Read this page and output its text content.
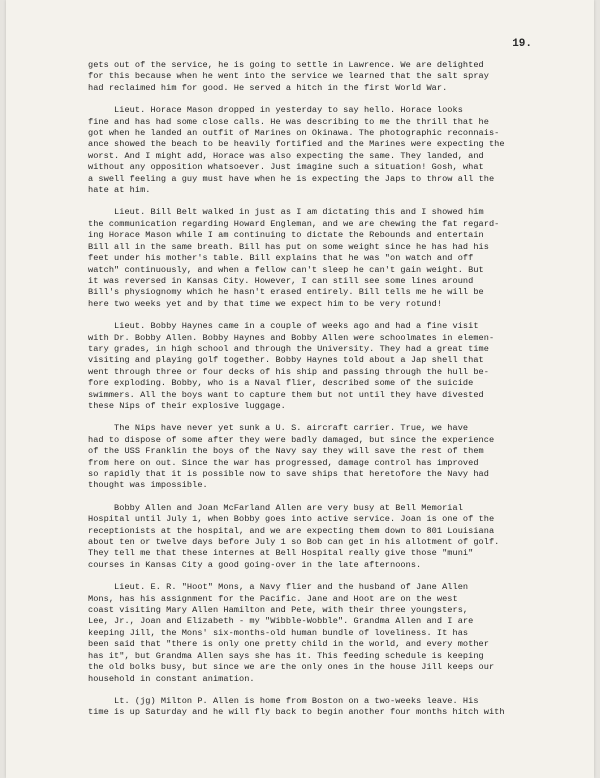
19.
gets out of the service, he is going to settle in Lawrence. We are delighted
for this because when he went into the service we learned that the salt spray
had reclaimed him for good. He served a hitch in the first World War.
Lieut. Horace Mason dropped in yesterday to say hello. Horace looks
fine and has had some close calls. He was describing to me the thrill that he
got when he landed an outfit of Marines on Okinawa. The photographic reconnais-
ance showed the beach to be heavily fortified and the Marines were expecting the
worst. And I might add, Horace was also expecting the same. They landed, and
without any opposition whatsoever. Just imagine such a situation! Gosh, what
a swell feeling a guy must have when he is expecting the Japs to throw all the
hate at him.
Lieut. Bill Belt walked in just as I am dictating this and I showed him
the communication regarding Howard Engleman, and we are chewing the fat regard-
ing Horace Mason while I am continuing to dictate the Rebounds and entertain
Bill all in the same breath. Bill has put on some weight since he has had his
feet under his mother's table. Bill explains that he was "on watch and off
watch" continuously, and when a fellow can't sleep he can't gain weight. But
it was reversed in Kansas City. However, I can still see some lines around
Bill's physiognomy which he hasn't erased entirely. Bill tells me he will be
here two weeks yet and by that time we expect him to be very rotund!
Lieut. Bobby Haynes came in a couple of weeks ago and had a fine visit
with Dr. Bobby Allen. Bobby Haynes and Bobby Allen were schoolmates in elemen-
tary grades, in high school and through the University. They had a great time
visiting and playing golf together. Bobby Haynes told about a Jap shell that
went through three or four decks of his ship and passing through the hull be-
fore exploding. Bobby, who is a Naval flier, described some of the suicide
swimmers. All the boys want to capture them but not until they have divested
these Nips of their explosive luggage.
The Nips have never yet sunk a U. S. aircraft carrier. True, we have
had to dispose of some after they were badly damaged, but since the experience
of the USS Franklin the boys of the Navy say they will save the rest of them
from here on out. Since the war has progressed, damage control has improved
so rapidly that it is possible now to save ships that heretofore the Navy had
thought was impossible.
Bobby Allen and Joan McFarland Allen are very busy at Bell Memorial
Hospital until July 1, when Bobby goes into active service. Joan is one of the
receptionists at the hospital, and we are expecting them down to 801 Louisiana
about ten or twelve days before July 1 so Bob can get in his allotment of golf.
They tell me that these internes at Bell Hospital really give those "muni"
courses in Kansas City a good going-over in the late afternoons.
Lieut. E. R. "Hoot" Mons, a Navy flier and the husband of Jane Allen
Mons, has his assignment for the Pacific. Jane and Hoot are on the west
coast visiting Mary Allen Hamilton and Pete, with their three youngsters,
Lee, Jr., Joan and Elizabeth - my "Wibble-Wobble". Grandma Allen and I are
keeping Jill, the Mons' six-months-old human bundle of loveliness. It has
been said that "there is only one pretty child in the world, and every mother
has it", but Grandma Allen says she has it. This feeding schedule is keeping
the old bolks busy, but since we are the only ones in the house Jill keeps our
household in constant animation.
Lt. (jg) Milton P. Allen is home from Boston on a two-weeks leave. His
time is up Saturday and he will fly back to begin another four months hitch with
